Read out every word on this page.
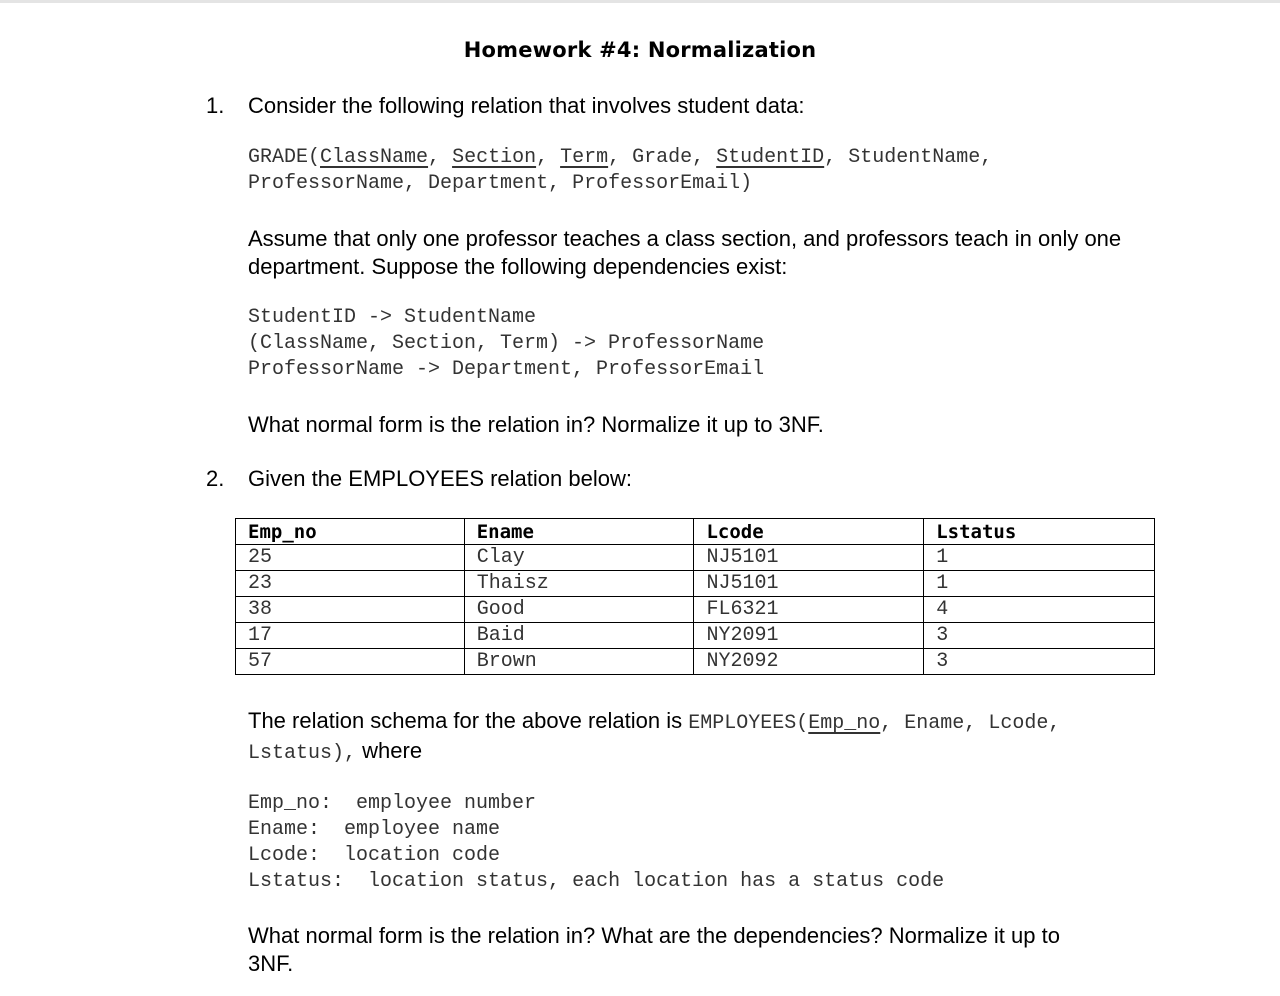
Homework #4: Normalization
1. Consider the following relation that involves student data:
GRADE(ClassName, Section, Term, Grade, StudentID, StudentName,
ProfessorName, Department, ProfessorEmail)
Assume that only one professor teaches a class section, and professors teach in only one
department. Suppose the following dependencies exist:
StudentID -> StudentName
(ClassName, Section, Term) -> ProfessorName
ProfessorName -> Department, ProfessorEmail
What normal form is the relation in? Normalize it up to 3NF.
2. Given the EMPLOYEES relation below:
Emp_no	Ename	Lcode	Lstatus
25	Clay	NJ5101	1
23	Thaisz	NJ5101	1
38	Good	FL6321	4
17	Baid	NY2091	3
57	Brown	NY2092	3
The relation schema for the above relation is EMPLOYEES(Emp_no, Ename, Lcode,
Lstatus), where
Emp_no: employee number
Ename: employee name
Lcode: location code
Lstatus: location status, each location has a status code
What normal form is the relation in? What are the dependencies? Normalize it up to
3NF.
